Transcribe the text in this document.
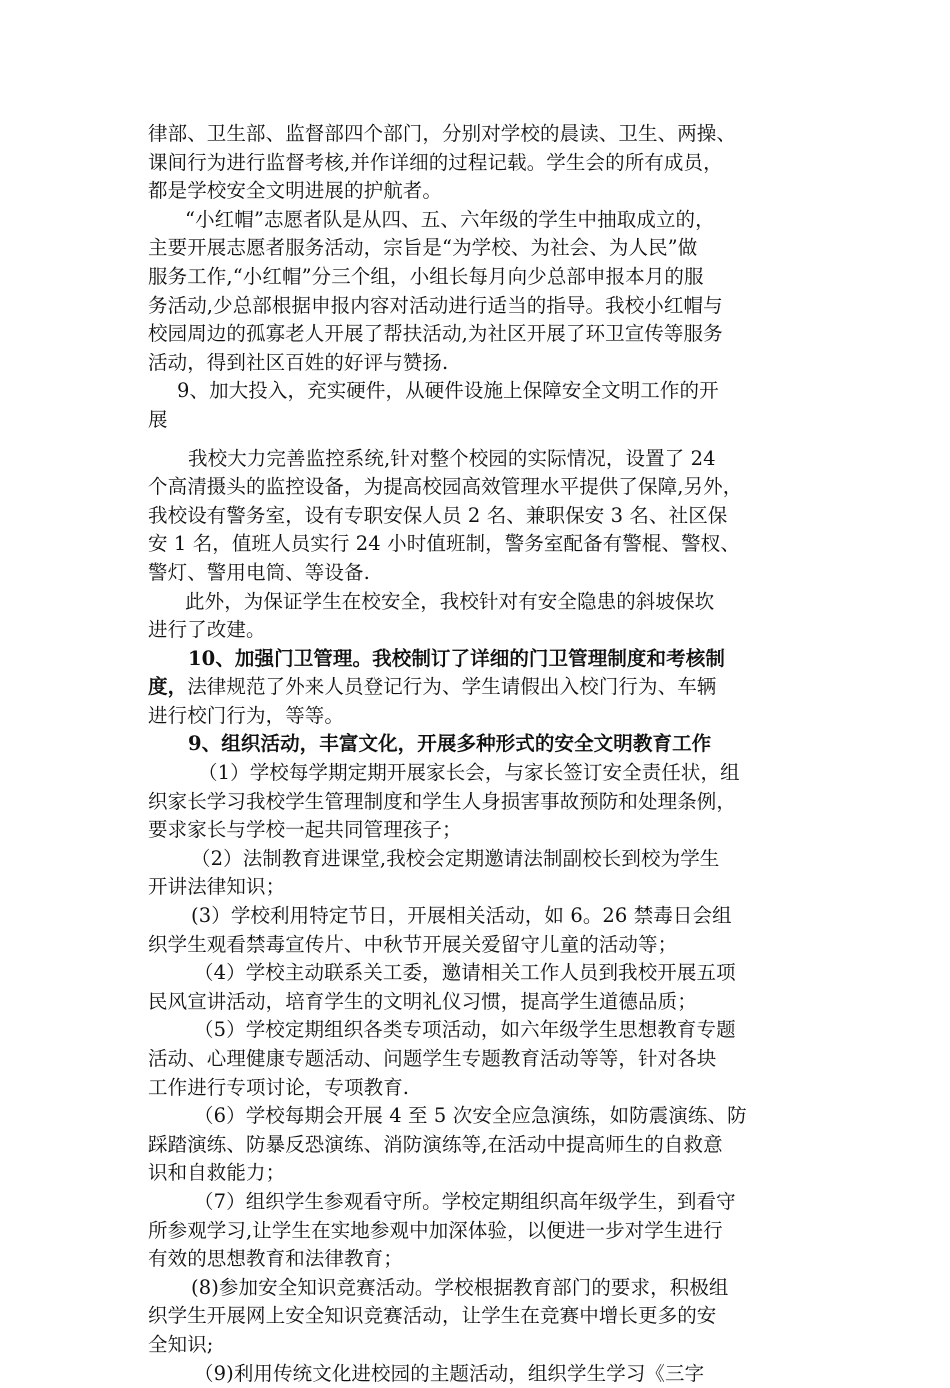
律部、卫生部、监督部四个部门，分别对学校的晨读、卫生、两操、
课间行为进行监督考核,并作详细的过程记载。学生会的所有成员，
都是学校安全文明进展的护航者。
“小红帽”志愿者队是从四、五、六年级的学生中抽取成立的，
主要开展志愿者服务活动，宗旨是“为学校、为社会、为人民”做
服务工作,“小红帽”分三个组，小组长每月向少总部申报本月的服
务活动,少总部根据申报内容对活动进行适当的指导。我校小红帽与
校园周边的孤寡老人开展了帮扶活动,为社区开展了环卫宣传等服务
活动，得到社区百姓的好评与赞扬.
9、加大投入，充实硬件，从硬件设施上保障安全文明工作的开
展
我校大力完善监控系统,针对整个校园的实际情况，设置了 24
个高清摄头的监控设备，为提高校园高效管理水平提供了保障,另外，
我校设有警务室，设有专职安保人员 2 名、兼职保安 3 名、社区保
安 1 名，值班人员实行 24 小时值班制，警务室配备有警棍、警杈、
警灯、警用电筒、等设备.
此外，为保证学生在校安全，我校针对有安全隐患的斜坡保坎
进行了改建。
10、加强门卫管理。我校制订了详细的门卫管理制度和考核制
度，法律规范了外来人员登记行为、学生请假出入校门行为、车辆
进行校门行为，等等。
9、组织活动，丰富文化，开展多种形式的安全文明教育工作
（1）学校每学期定期开展家长会，与家长签订安全责任状，组
织家长学习我校学生管理制度和学生人身损害事故预防和处理条例，
要求家长与学校一起共同管理孩子；
（2）法制教育进课堂,我校会定期邀请法制副校长到校为学生
开讲法律知识；
(3）学校利用特定节日，开展相关活动，如 6。26 禁毒日会组
织学生观看禁毒宣传片、中秋节开展关爱留守儿童的活动等；
（4）学校主动联系关工委，邀请相关工作人员到我校开展五项
民风宣讲活动，培育学生的文明礼仪习惯，提高学生道德品质；
（5）学校定期组织各类专项活动，如六年级学生思想教育专题
活动、心理健康专题活动、问题学生专题教育活动等等，针对各块
工作进行专项讨论，专项教育.
（6）学校每期会开展 4 至 5 次安全应急演练，如防震演练、防
踩踏演练、防暴反恐演练、消防演练等,在活动中提高师生的自救意
识和自救能力；
（7）组织学生参观看守所。学校定期组织高年级学生，到看守
所参观学习,让学生在实地参观中加深体验，以便进一步对学生进行
有效的思想教育和法律教育；
(8)参加安全知识竞赛活动。学校根据教育部门的要求，积极组
织学生开展网上安全知识竞赛活动，让学生在竞赛中增长更多的安
全知识;
（9)利用传统文化进校园的主题活动，组织学生学习《三字
